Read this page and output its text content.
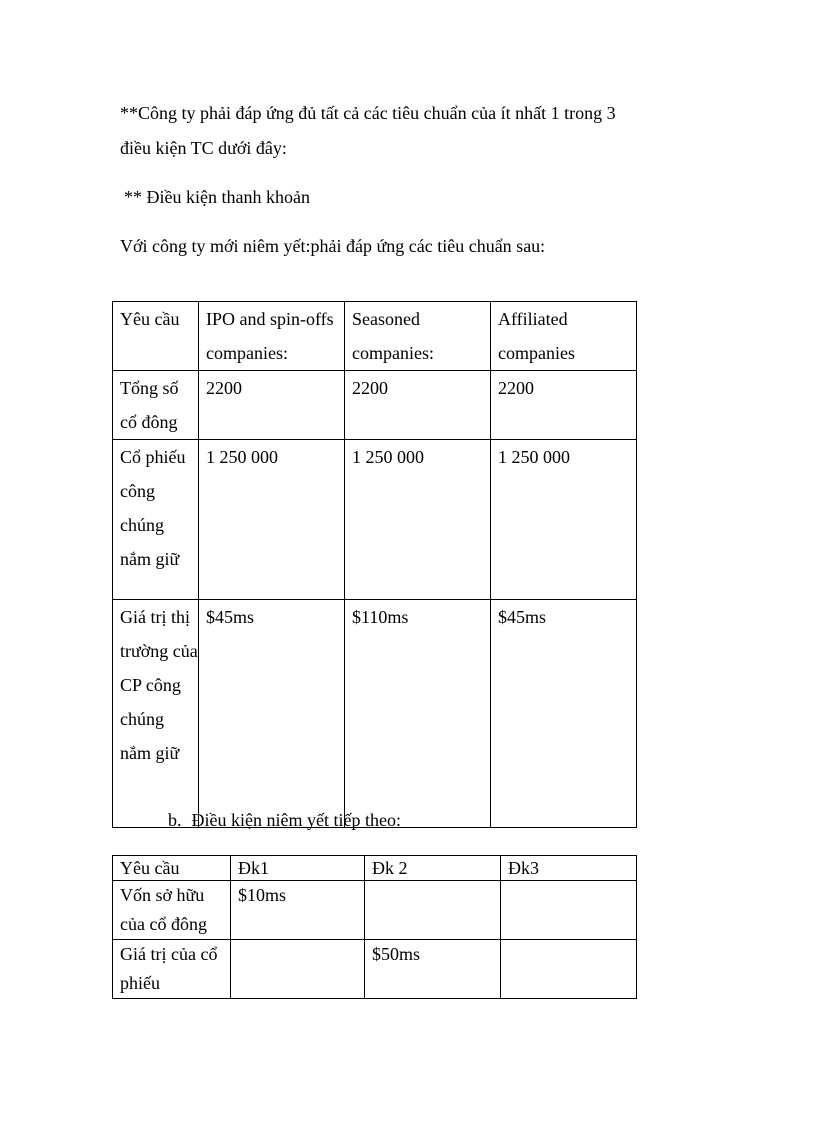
**Công ty phải đáp ứng đủ tất cả các tiêu chuẩn của ít nhất 1 trong 3
điều kiện TC dưới đây:
** Điều kiện thanh khoản
Với công ty mới niêm yết:phải đáp ứng các tiêu chuẩn sau:
Yêu cầu	IPO and spin-offs companies:	Seasoned companies:	Affiliated companies
Tổng số cổ đông	2200	2200	2200
Cổ phiếu công chúng nắm giữ	1 250 000	1 250 000	1 250 000
Giá trị thị trường của CP công chúng nắm giữ	$45ms	$110ms	$45ms
b. Điều kiện niêm yết tiếp theo:
Yêu cầu	Đk1	Đk 2	Đk3
Vốn sở hữu của cổ đông	$10ms		
Giá trị của cổ phiếu		$50ms	
